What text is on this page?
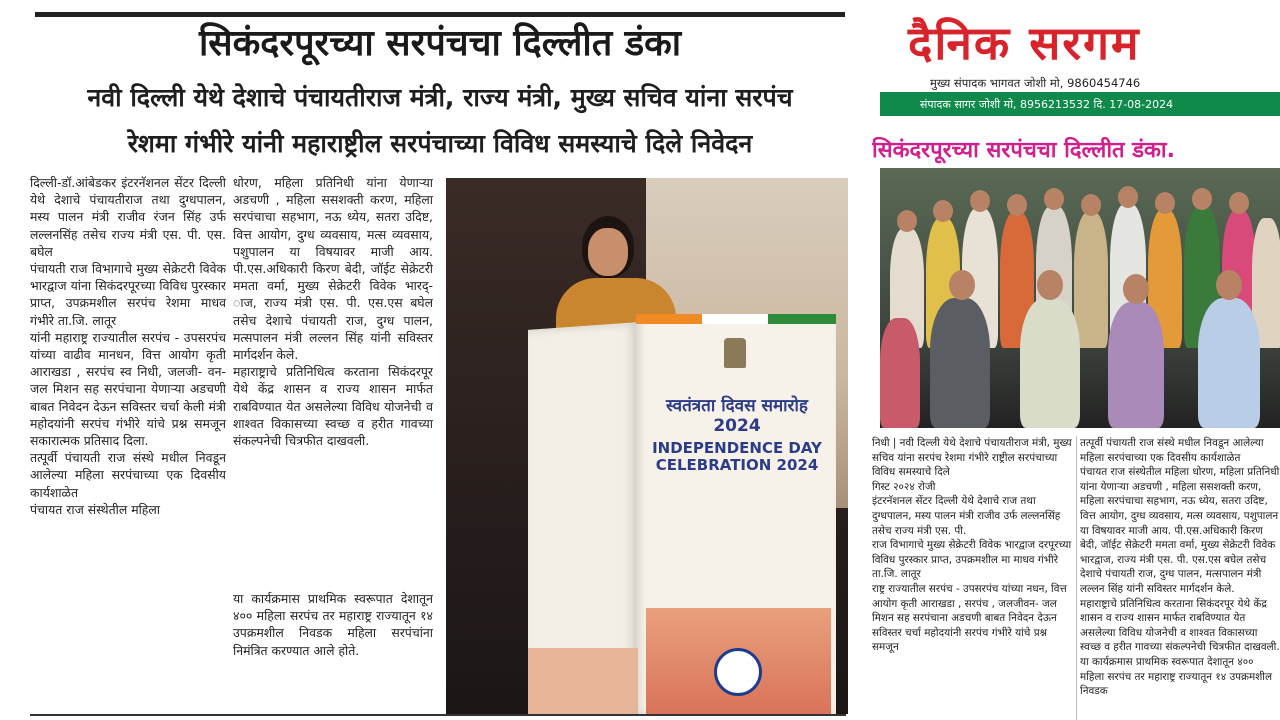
सिकंदरपूरच्या सरपंचचा दिल्लीत डंका
नवी दिल्ली येथे देशाचे पंचायतीराज मंत्री, राज्य मंत्री, मुख्य सचिव यांना सरपंच
रेशमा गंभीरे यांनी महाराष्ट्रील सरपंचाच्या विविध समस्याचे दिले निवेदन

दिल्ली-डॉ.आंबेडकर इंटरनॅशनल सेंटर दिल्ली येथे देशाचे पंचायतीराज तथा दुग्धपालन, मस्य पालन मंत्री राजीव रंजन सिंह उर्फ लल्लनसिंह तसेच राज्य मंत्री एस. पी. एस. बघेल

पंचायती राज विभागाचे मुख्य सेक्रेटरी विवेक भारद्वाज यांना सिकंदरपूरच्या विविध पुरस्कार प्राप्त, उपक्रमशील सरपंच रेशमा माधव गंभीरे ता.जि. लातूर

यांनी महाराष्ट्र राज्यातील सरपंच - उपसरपंच यांच्या वाढीव मानधन, वित्त आयोग कृती आराखडा , सरपंच स्व निधी, जलजी- वन- जल मिशन सह सरपंचाना येणाऱ्या अडचणी बाबत निवेदन देऊन सविस्तर चर्चा केली मंत्री महोदयांनी सरपंच गंभीरे यांचे प्रश्न समजून सकारात्मक प्रतिसाद दिला.

तत्पूर्वी पंचायती राज संस्थे मधील निवडून आलेल्या महिला सरपंचाच्या एक दिवसीय कार्यशाळेत

पंचायत राज संस्थेतील महिला

धोरण, महिला प्रतिनिधी यांना येणाऱ्या अडचणी , महिला ससशक्ती करण, महिला सरपंचाचा सहभाग, नऊ ध्येय, सतरा उदिष्ट, वित्त आयोग, दुग्ध व्यवसाय, मत्स व्यवसाय, पशुपालन या विषयावर माजी आय. पी.एस.अधिकारी किरण बेदी, जॉईट सेक्रेटरी ममता वर्मा, मुख्य सेक्रेटरी विवेक भारद्- ाज, राज्य मंत्री एस. पी. एस.एस बघेल तसेच देशाचे पंचायती राज, दुग्ध पालन, मत्सपालन मंत्री लल्लन सिंह यांनी सविस्तर मार्गदर्शन केले.

महाराष्ट्राचे प्रतिनिधित्व करताना सिकंदरपूर येथे केंद्र शासन व राज्य शासन मार्फत राबविण्यात येत असलेल्या विविध योजनेची व शाश्वत विकासच्या स्वच्छ व हरीत गावच्या संकल्पनेची चित्रफीत दाखवली.

या कार्यक्रमास प्राथमिक स्वरूपात देशातून ४०० महिला सरपंच तर महाराष्ट्र राज्यातून १४ उपक्रमशील निवडक महिला सरपंचांना निमंत्रित करण्यात आले होते.

स्वतंत्रता दिवस समारोह 2024
INDEPENDENCE DAY CELEBRATION 2024
दैनिक सरगम
मुख्य संपादक भागवत जोशी मो, 9860454746
संपादक सागर जोशी मो, 8956213532 दि. 17-08-2024
सिकंदरपूरच्या सरपंचचा दिल्लीत डंका.

निधी | नवी दिल्ली येथे देशाचे पंचायतीराज मंत्री, मुख्य सचिव यांना सरपंच रेशमा गंभीरे राष्ट्रील सरपंचाच्या विविध समस्याचे दिले

गिस्ट २०२४ रोजी

इंटरनॅशनल सेंटर दिल्ली येथे देशाचे राज तथा दुग्धपालन, मस्य पालन मंत्री राजीव उर्फ लल्लनसिंह तसेच राज्य मंत्री एस. पी.

राज विभागाचे मुख्य सेक्रेटरी विवेक भारद्वाज दरपूरच्या विविध पुरस्कार प्राप्त, उपक्रमशील मा माधव गंभीरे ता.जि. लातूर

राष्ट्र राज्यातील सरपंच - उपसरपंच यांच्या नधन, वित्त आयोग कृती आराखडा , सरपंच , जलजीवन- जल मिशन सह सरपंचाना अडचणी बाबत निवेदन देऊन सविस्तर चर्चा महोदयांनी सरपंच गंभीरे यांचे प्रश्न समजून

तत्पूर्वी पंचायती राज संस्थे मधील निवडून आलेल्या महिला सरपंचाच्या एक दिवसीय कार्यशाळेत

पंचायत राज संस्थेतील महिला धोरण, महिला प्रतिनिधी यांना येणाऱ्या अडचणी , महिला ससशक्ती करण, महिला सरपंचाचा सहभाग, नऊ ध्येय, सतरा उदिष्ट, वित्त आयोग, दुग्ध व्यवसाय, मत्स व्यवसाय, पशुपालन या विषयावर माजी आय. पी.एस.अधिकारी किरण बेदी, जॉईट सेक्रेटरी ममता वर्मा, मुख्य सेक्रेटरी विवेक भारद्वाज, राज्य मंत्री एस. पी. एस.एस बघेल तसेच देशाचे पंचायती राज, दुग्ध पालन, मत्सपालन मंत्री लल्लन सिंह यांनी सविस्तर मार्गदर्शन केले.

महाराष्ट्राचे प्रतिनिधित्व करताना सिकंदरपूर येथे केंद्र शासन व राज्य शासन मार्फत राबविण्यात येत असलेल्या विविध योजनेची व शाश्वत विकासच्या स्वच्छ व हरीत गावच्या संकल्पनेची चित्रफीत दाखवली.

या कार्यक्रमास प्राथमिक स्वरूपात देशातून ४०० महिला सरपंच तर महाराष्ट्र राज्यातून १४ उपक्रमशील निवडक
